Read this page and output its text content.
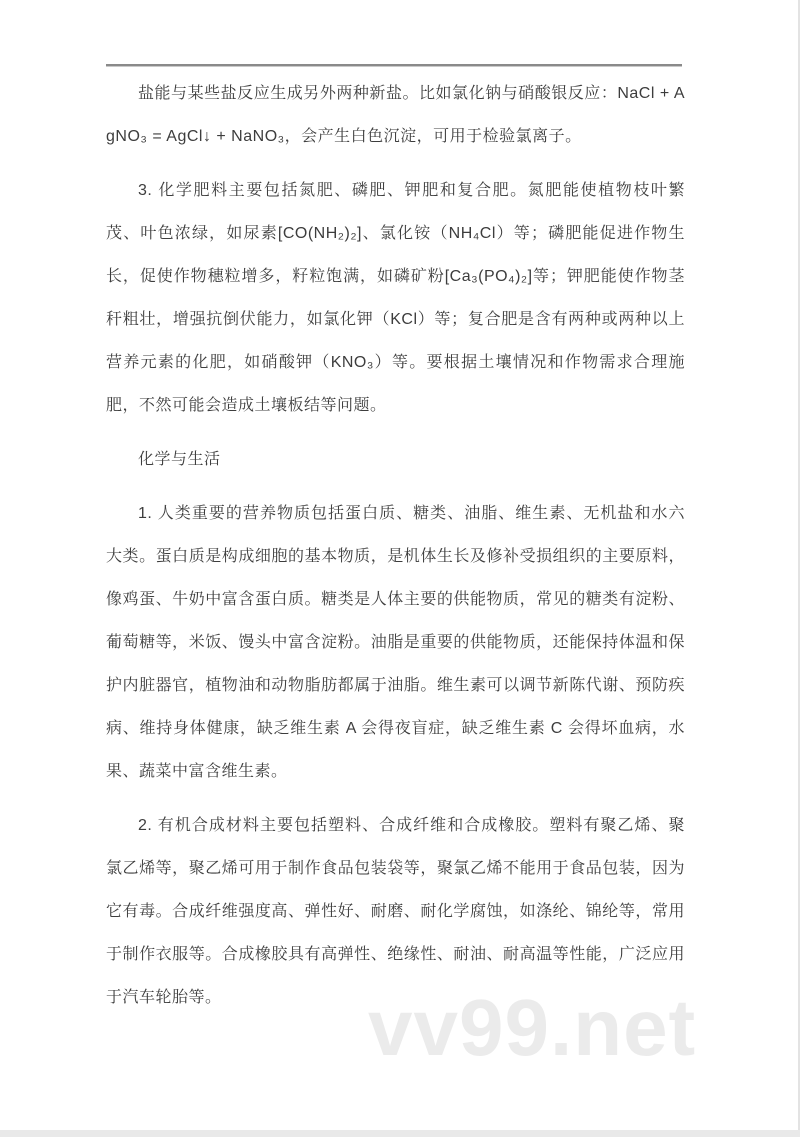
盐能与某些盐反应生成另外两种新盐。比如氯化钠与硝酸银反应：NaCl + AgNO₃ = AgCl↓ + NaNO₃，会产生白色沉淀，可用于检验氯离子。

3. 化学肥料主要包括氮肥、磷肥、钾肥和复合肥。氮肥能使植物枝叶繁茂、叶色浓绿，如尿素[CO(NH₂)₂]、氯化铵（NH₄Cl）等；磷肥能促进作物生长，促使作物穗粒增多，籽粒饱满，如磷矿粉[Ca₃(PO₄)₂]等；钾肥能使作物茎秆粗壮，增强抗倒伏能力，如氯化钾（KCl）等；复合肥是含有两种或两种以上营养元素的化肥，如硝酸钾（KNO₃）等。要根据土壤情况和作物需求合理施肥，不然可能会造成土壤板结等问题。

化学与生活

1. 人类重要的营养物质包括蛋白质、糖类、油脂、维生素、无机盐和水六大类。蛋白质是构成细胞的基本物质，是机体生长及修补受损组织的主要原料，像鸡蛋、牛奶中富含蛋白质。糖类是人体主要的供能物质，常见的糖类有淀粉、葡萄糖等，米饭、馒头中富含淀粉。油脂是重要的供能物质，还能保持体温和保护内脏器官，植物油和动物脂肪都属于油脂。维生素可以调节新陈代谢、预防疾病、维持身体健康，缺乏维生素 A 会得夜盲症，缺乏维生素 C 会得坏血病，水果、蔬菜中富含维生素。

2. 有机合成材料主要包括塑料、合成纤维和合成橡胶。塑料有聚乙烯、聚氯乙烯等，聚乙烯可用于制作食品包装袋等，聚氯乙烯不能用于食品包装，因为它有毒。合成纤维强度高、弹性好、耐磨、耐化学腐蚀，如涤纶、锦纶等，常用于制作衣服等。合成橡胶具有高弹性、绝缘性、耐油、耐高温等性能，广泛应用于汽车轮胎等。	vv99.net
